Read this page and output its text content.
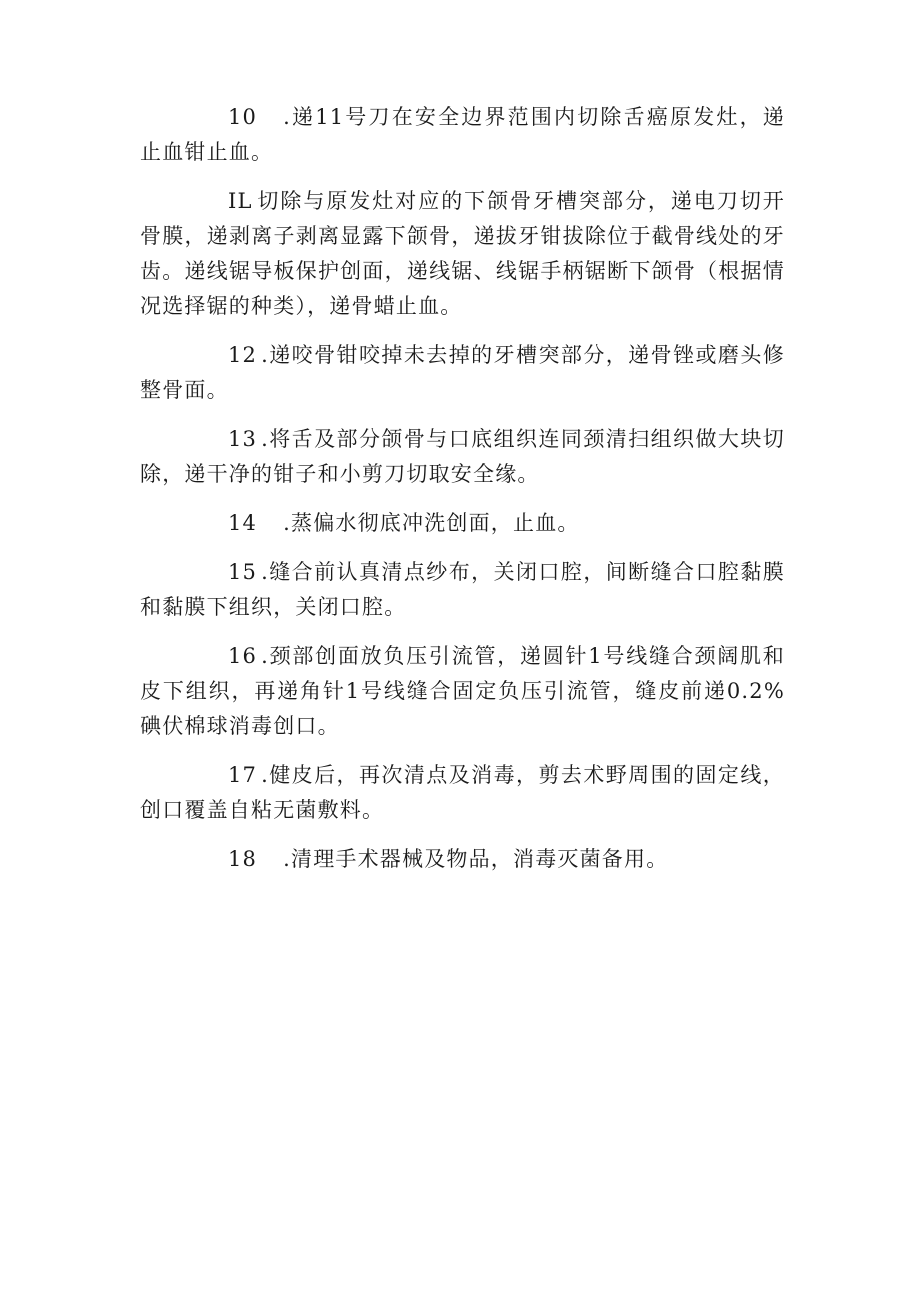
10 .递11号刀在安全边界范围内切除舌癌原发灶，递止血钳止血。

IL 切除与原发灶对应的下颌骨牙槽突部分，递电刀切开骨膜，递剥离子剥离显露下颌骨，递拔牙钳拔除位于截骨线处的牙齿。递线锯导板保护创面，递线锯、线锯手柄锯断下颌骨（根据情况选择锯的种类），递骨蜡止血。

12 .递咬骨钳咬掉未去掉的牙槽突部分，递骨锉或磨头修整骨面。

13 .将舌及部分颌骨与口底组织连同颈清扫组织做大块切除，递干净的钳子和小剪刀切取安全缘。

14 .蒸偏水彻底冲洗创面，止血。

15 .缝合前认真清点纱布，关闭口腔，间断缝合口腔黏膜和黏膜下组织，关闭口腔。

16 .颈部创面放负压引流管，递圆针1号线缝合颈阔肌和皮下组织，再递角针1号线缝合固定负压引流管，缝皮前递0.2%碘伏棉球消毒创口。

17 .健皮后，再次清点及消毒，剪去术野周围的固定线，创口覆盖自粘无菌敷料。

18 .清理手术器械及物品，消毒灭菌备用。
